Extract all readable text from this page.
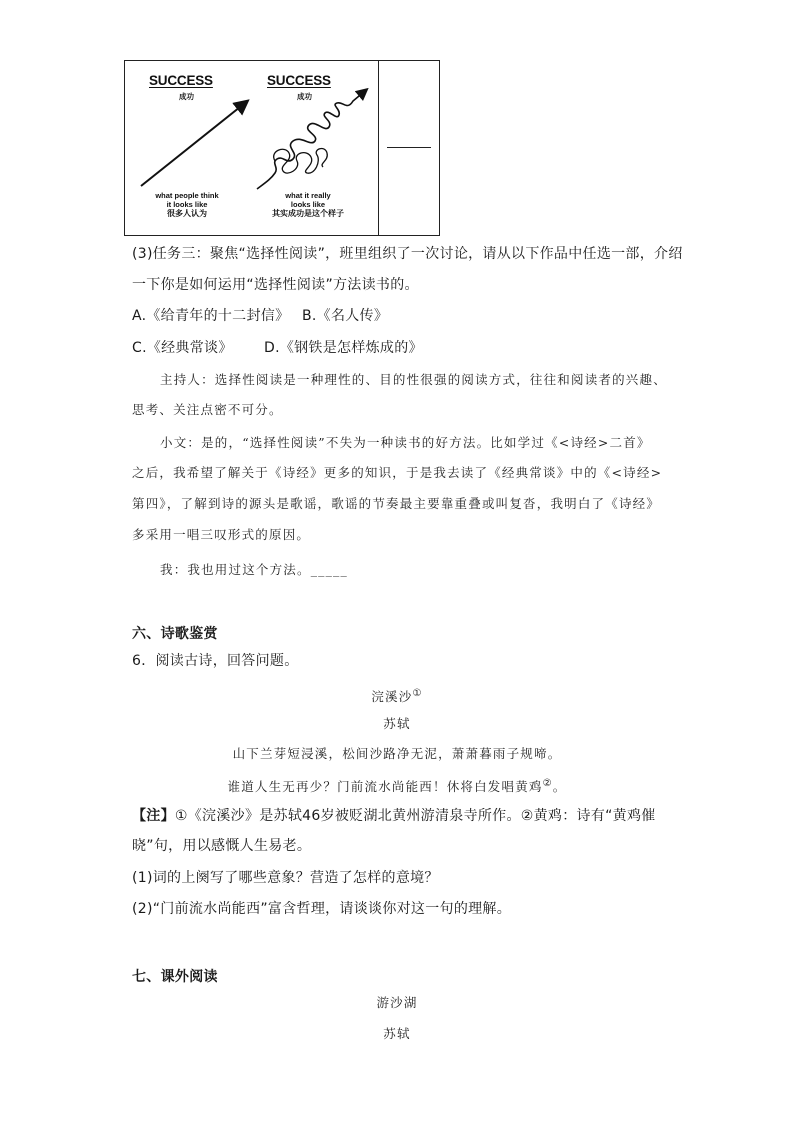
SUCCESS
成功
SUCCESS
成功
what people think
it looks like
很多人认为
what it really
looks like
其实成功是这个样子
(3)任务三：聚焦“选择性阅读”，班里组织了一次讨论，请从以下作品中任选一部，介绍
一下你是如何运用“选择性阅读”方法读书的。
A.《给青年的十二封信》 B.《名人传》
C.《经典常谈》 D.《钢铁是怎样炼成的》
主持人：选择性阅读是一种理性的、目的性很强的阅读方式，往往和阅读者的兴趣、
思考、关注点密不可分。
小文：是的，“选择性阅读”不失为一种读书的好方法。比如学过《<诗经>二首》
之后，我希望了解关于《诗经》更多的知识，于是我去读了《经典常谈》中的《<诗经>
第四》，了解到诗的源头是歌谣，歌谣的节奏最主要靠重叠或叫复沓，我明白了《诗经》
多采用一唱三叹形式的原因。
我：我也用过这个方法。_____
六、诗歌鉴赏
6．阅读古诗，回答问题。
浣溪沙①
苏轼
山下兰芽短浸溪，松间沙路净无泥，萧萧暮雨子规啼。
谁道人生无再少？门前流水尚能西！休将白发唱黄鸡②。
【注】①《浣溪沙》是苏轼46岁被贬湖北黄州游清泉寺所作。②黄鸡：诗有“黄鸡催
晓”句，用以感慨人生易老。
(1)词的上阕写了哪些意象？营造了怎样的意境？
(2)“门前流水尚能西”富含哲理，请谈谈你对这一句的理解。
七、课外阅读
游沙湖
苏轼
